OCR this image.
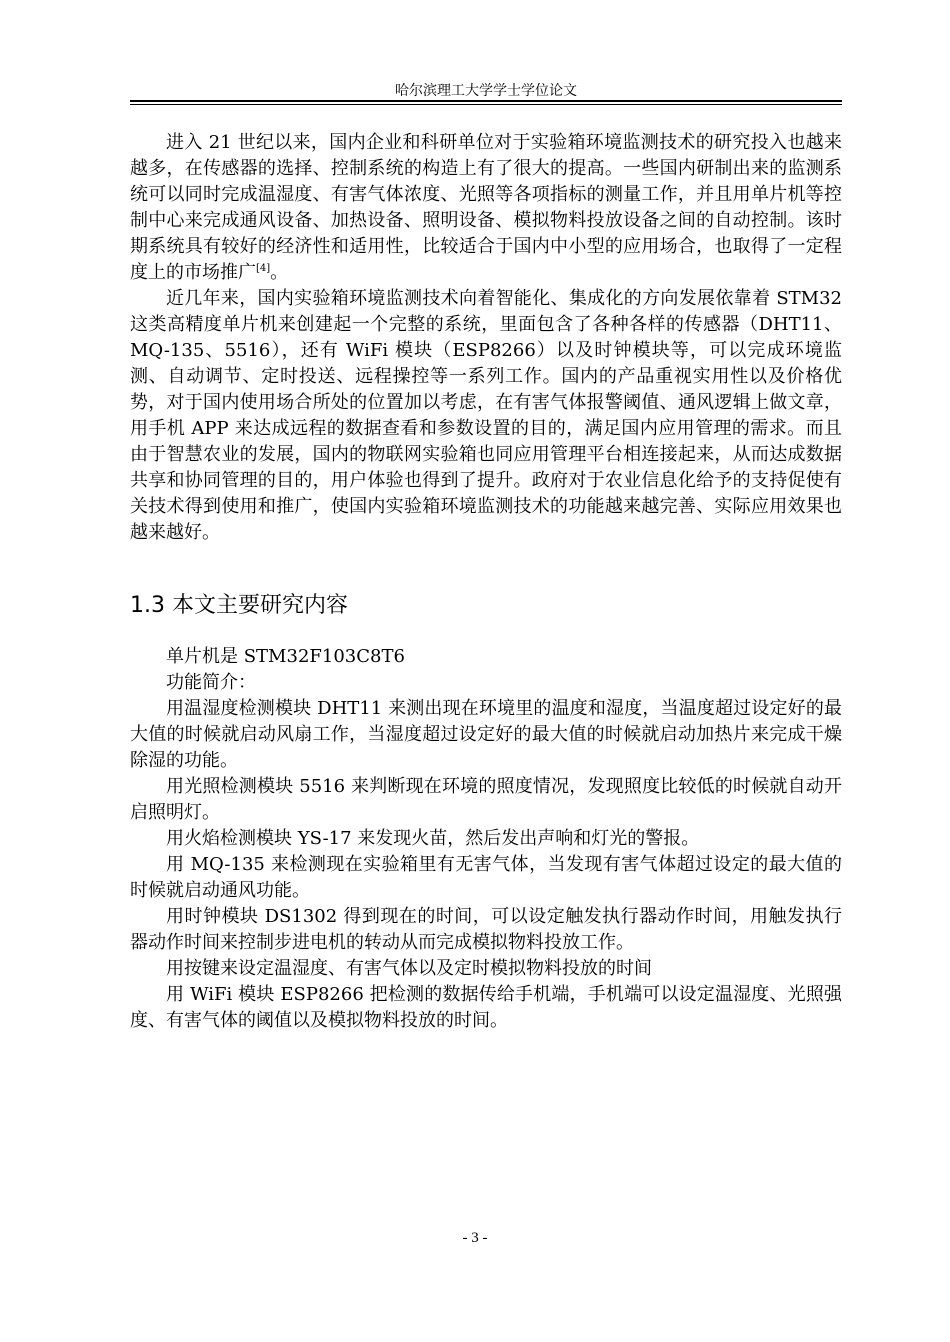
哈尔滨理工大学学士学位论文

进入 21 世纪以来，国内企业和科研单位对于实验箱环境监测技术的研究投入也越来越多，在传感器的选择、控制系统的构造上有了很大的提高。一些国内研制出来的监测系统可以同时完成温湿度、有害气体浓度、光照等各项指标的测量工作，并且用单片机等控制中心来完成通风设备、加热设备、照明设备、模拟物料投放设备之间的自动控制。该时期系统具有较好的经济性和适用性，比较适合于国内中小型的应用场合，也取得了一定程度上的市场推广[4]。

近几年来，国内实验箱环境监测技术向着智能化、集成化的方向发展依靠着 STM32 这类高精度单片机来创建起一个完整的系统，里面包含了各种各样的传感器（DHT11、MQ-135、5516），还有 WiFi 模块（ESP8266）以及时钟模块等，可以完成环境监测、自动调节、定时投送、远程操控等一系列工作。国内的产品重视实用性以及价格优势，对于国内使用场合所处的位置加以考虑，在有害气体报警阈值、通风逻辑上做文章，用手机 APP 来达成远程的数据查看和参数设置的目的，满足国内应用管理的需求。而且由于智慧农业的发展，国内的物联网实验箱也同应用管理平台相连接起来，从而达成数据共享和协同管理的目的，用户体验也得到了提升。政府对于农业信息化给予的支持促使有关技术得到使用和推广，使国内实验箱环境监测技术的功能越来越完善、实际应用效果也越来越好。

1.3 本文主要研究内容

单片机是 STM32F103C8T6

功能简介：

用温湿度检测模块 DHT11 来测出现在环境里的温度和湿度，当温度超过设定好的最大值的时候就启动风扇工作，当湿度超过设定好的最大值的时候就启动加热片来完成干燥除湿的功能。

用光照检测模块 5516 来判断现在环境的照度情况，发现照度比较低的时候就自动开启照明灯。

用火焰检测模块 YS-17 来发现火苗，然后发出声响和灯光的警报。

用 MQ-135 来检测现在实验箱里有无害气体，当发现有害气体超过设定的最大值的时候就启动通风功能。

用时钟模块 DS1302 得到现在的时间，可以设定触发执行器动作时间，用触发执行器动作时间来控制步进电机的转动从而完成模拟物料投放工作。

用按键来设定温湿度、有害气体以及定时模拟物料投放的时间

用 WiFi 模块 ESP8266 把检测的数据传给手机端，手机端可以设定温湿度、光照强度、有害气体的阈值以及模拟物料投放的时间。

- 3 -
